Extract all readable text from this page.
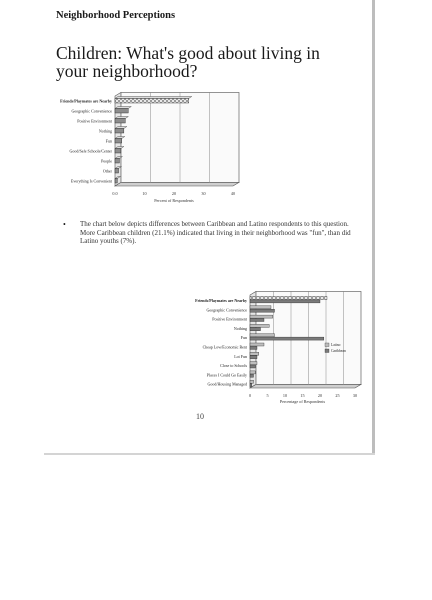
Neighborhood Perceptions
Children: What's good about living in your neighborhood?
0.0	10	20	30	40
Percent of Respondents
Friends/Playmates are Nearby
Geographic Convenience
Positive Environment
Nothing
Fun
Good/Safe Schools/Center
People
Other
Everything Is Convenient
• The chart below depicts differences between Caribbean and Latino respondents to this question. More Caribbean children (21.1%) indicated that living in their neighborhood was "fun", than did Latino youths (7%).
0	5	10	15	20	25	30
Percentage of Respondents
Friends/Playmates are Nearby
Geographic Convenience
Positive Environment
Nothing
Fun
Cheap Low/Economic Rent
Lot Fun
Close to Schools
Places I Could Go Easily
Good/Housing Managed
Latino
Caribbean
10
